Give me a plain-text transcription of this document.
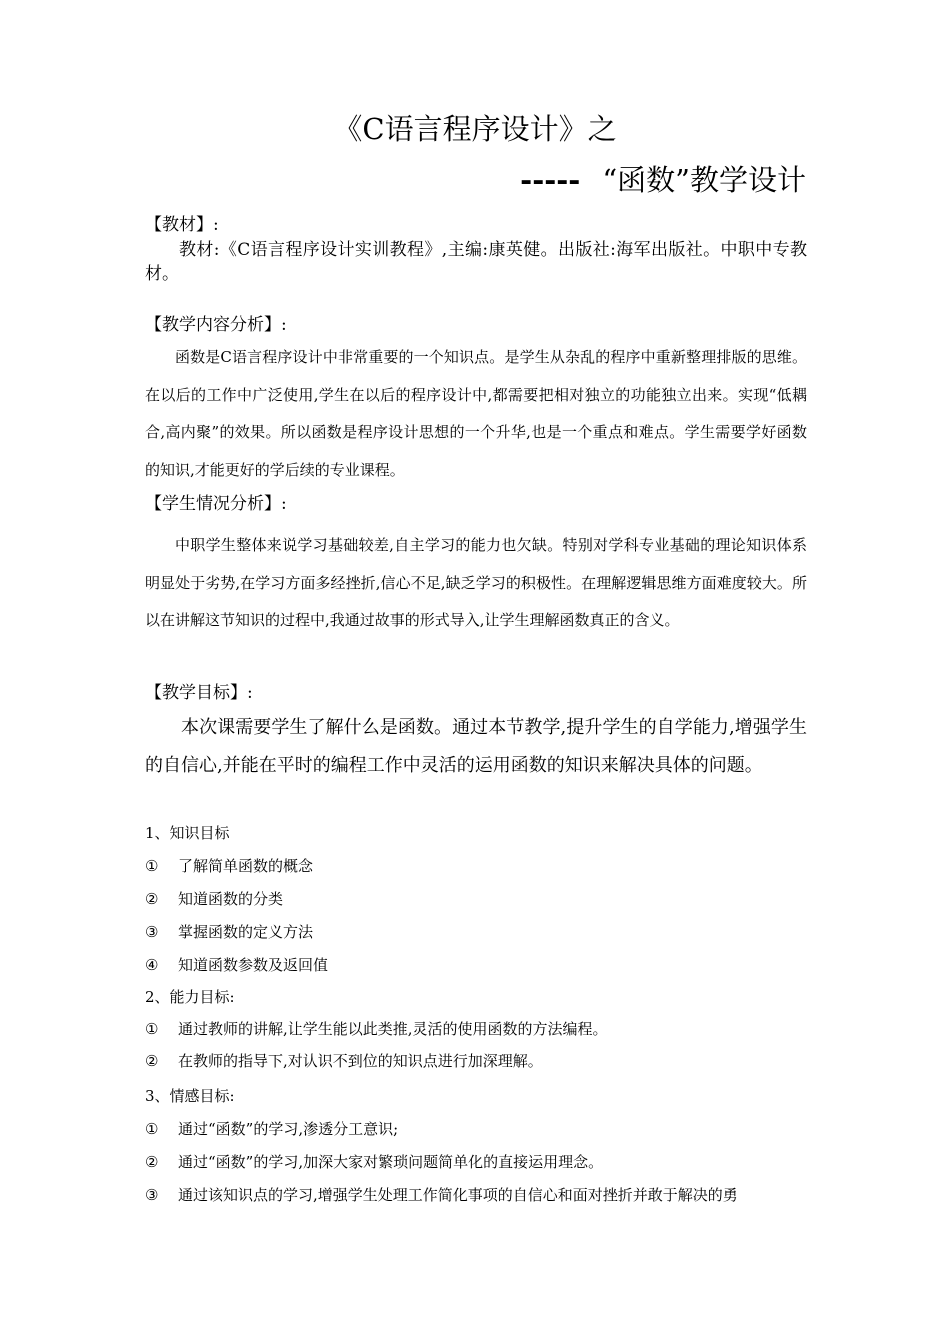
《C语言程序设计》之
----- “函数”教学设计
【教材】:
教材:《C语言程序设计实训教程》,主编:康英健。出版社:海军出版社。中职中专教材。
【教学内容分析】:
函数是C语言程序设计中非常重要的一个知识点。是学生从杂乱的程序中重新整理排版的思维。在以后的工作中广泛使用,学生在以后的程序设计中,都需要把相对独立的功能独立出来。实现“低耦合,高内聚”的效果。所以函数是程序设计思想的一个升华,也是一个重点和难点。学生需要学好函数的知识,才能更好的学后续的专业课程。
【学生情况分析】:
中职学生整体来说学习基础较差,自主学习的能力也欠缺。特别对学科专业基础的理论知识体系明显处于劣势,在学习方面多经挫折,信心不足,缺乏学习的积极性。在理解逻辑思维方面难度较大。所以在讲解这节知识的过程中,我通过故事的形式导入,让学生理解函数真正的含义。
【教学目标】:
本次课需要学生了解什么是函数。通过本节教学,提升学生的自学能力,增强学生的自信心,并能在平时的编程工作中灵活的运用函数的知识来解决具体的问题。
1、知识目标
① 了解简单函数的概念
② 知道函数的分类
③ 掌握函数的定义方法
④ 知道函数参数及返回值
2、能力目标:
① 通过教师的讲解,让学生能以此类推,灵活的使用函数的方法编程。
② 在教师的指导下,对认识不到位的知识点进行加深理解。
3、情感目标:
① 通过“函数”的学习,渗透分工意识;
② 通过“函数”的学习,加深大家对繁琐问题简单化的直接运用理念。
③ 通过该知识点的学习,增强学生处理工作简化事项的自信心和面对挫折并敢于解决的勇
